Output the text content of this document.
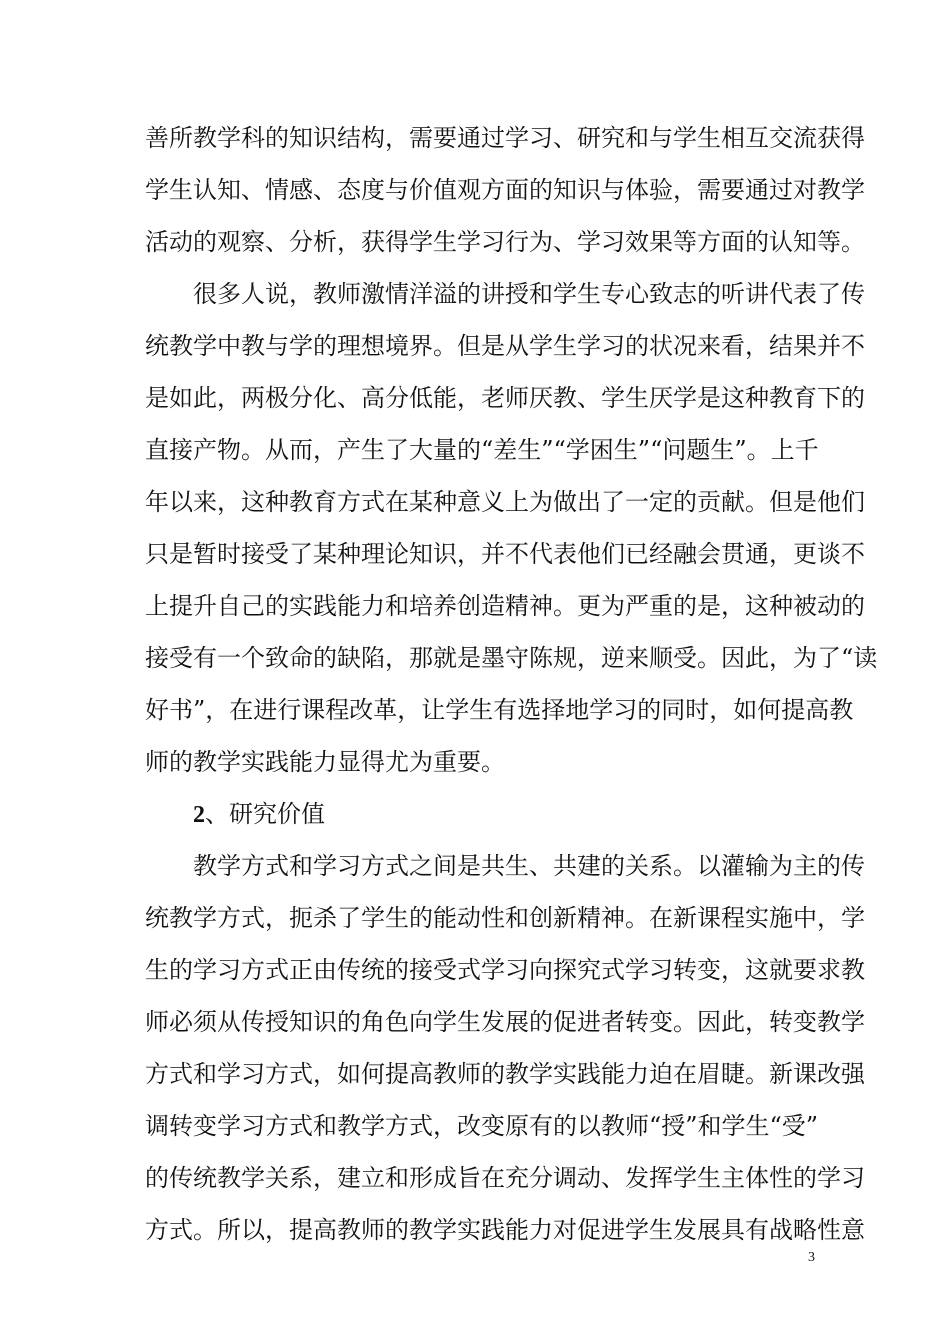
善所教学科的知识结构，需要通过学习、研究和与学生相互交流获得

学生认知、情感、态度与价值观方面的知识与体验，需要通过对教学

活动的观察、分析，获得学生学习行为、学习效果等方面的认知等。

很多人说，教师激情洋溢的讲授和学生专心致志的听讲代表了传

统教学中教与学的理想境界。但是从学生学习的状况来看，结果并不

是如此，两极分化、高分低能，老师厌教、学生厌学是这种教育下的

直接产物。从而，产生了大量的“差生”“学困生”“问题生”。上千

年以来，这种教育方式在某种意义上为做出了一定的贡献。但是他们

只是暂时接受了某种理论知识，并不代表他们已经融会贯通，更谈不

上提升自己的实践能力和培养创造精神。更为严重的是，这种被动的

接受有一个致命的缺陷，那就是墨守陈规，逆来顺受。因此，为了“读

好书”，在进行课程改革，让学生有选择地学习的同时，如何提高教

师的教学实践能力显得尤为重要。

2、研究价值

教学方式和学习方式之间是共生、共建的关系。以灌输为主的传

统教学方式，扼杀了学生的能动性和创新精神。在新课程实施中，学

生的学习方式正由传统的接受式学习向探究式学习转变，这就要求教

师必须从传授知识的角色向学生发展的促进者转变。因此，转变教学

方式和学习方式，如何提高教师的教学实践能力迫在眉睫。新课改强

调转变学习方式和教学方式，改变原有的以教师“授”和学生“受”

的传统教学关系，建立和形成旨在充分调动、发挥学生主体性的学习

方式。所以，提高教师的教学实践能力对促进学生发展具有战略性意

3
